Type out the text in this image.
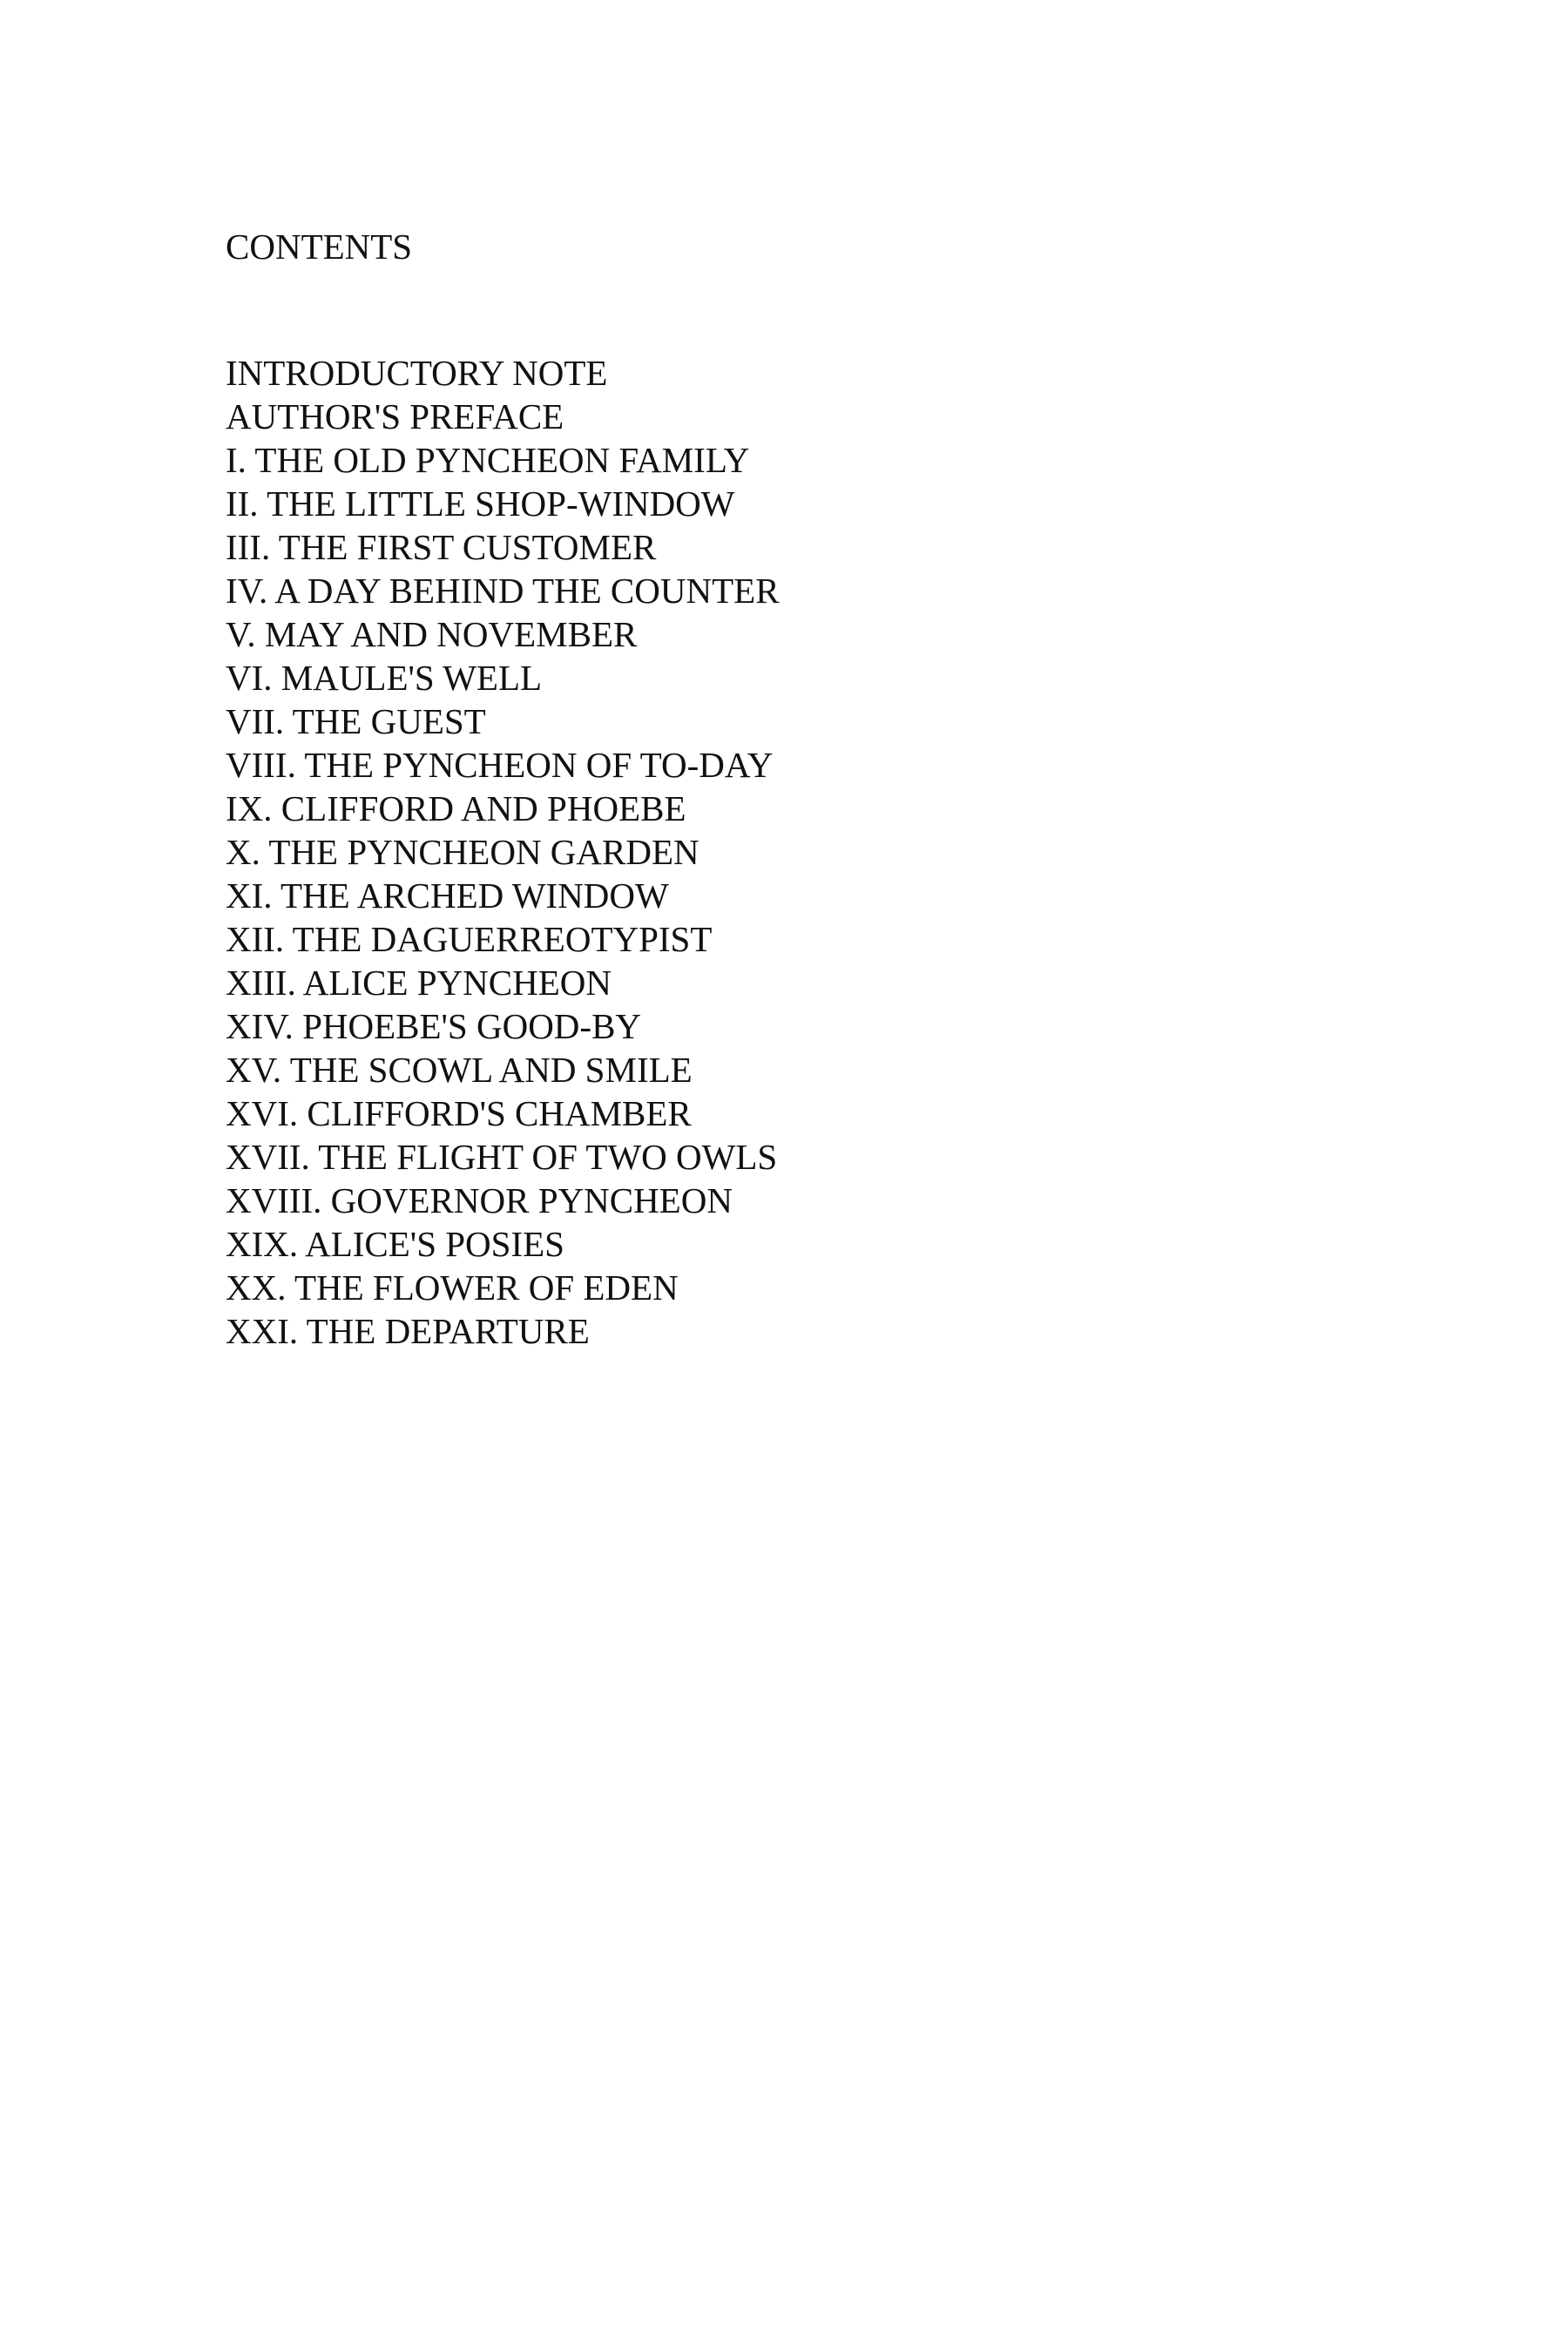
CONTENTS
INTRODUCTORY NOTE
AUTHOR'S PREFACE
I. THE OLD PYNCHEON FAMILY
II. THE LITTLE SHOP-WINDOW
III. THE FIRST CUSTOMER
IV. A DAY BEHIND THE COUNTER
V. MAY AND NOVEMBER
VI. MAULE'S WELL
VII. THE GUEST
VIII. THE PYNCHEON OF TO-DAY
IX. CLIFFORD AND PHOEBE
X. THE PYNCHEON GARDEN
XI. THE ARCHED WINDOW
XII. THE DAGUERREOTYPIST
XIII. ALICE PYNCHEON
XIV. PHOEBE'S GOOD-BY
XV. THE SCOWL AND SMILE
XVI. CLIFFORD'S CHAMBER
XVII. THE FLIGHT OF TWO OWLS
XVIII. GOVERNOR PYNCHEON
XIX. ALICE'S POSIES
XX. THE FLOWER OF EDEN
XXI. THE DEPARTURE
